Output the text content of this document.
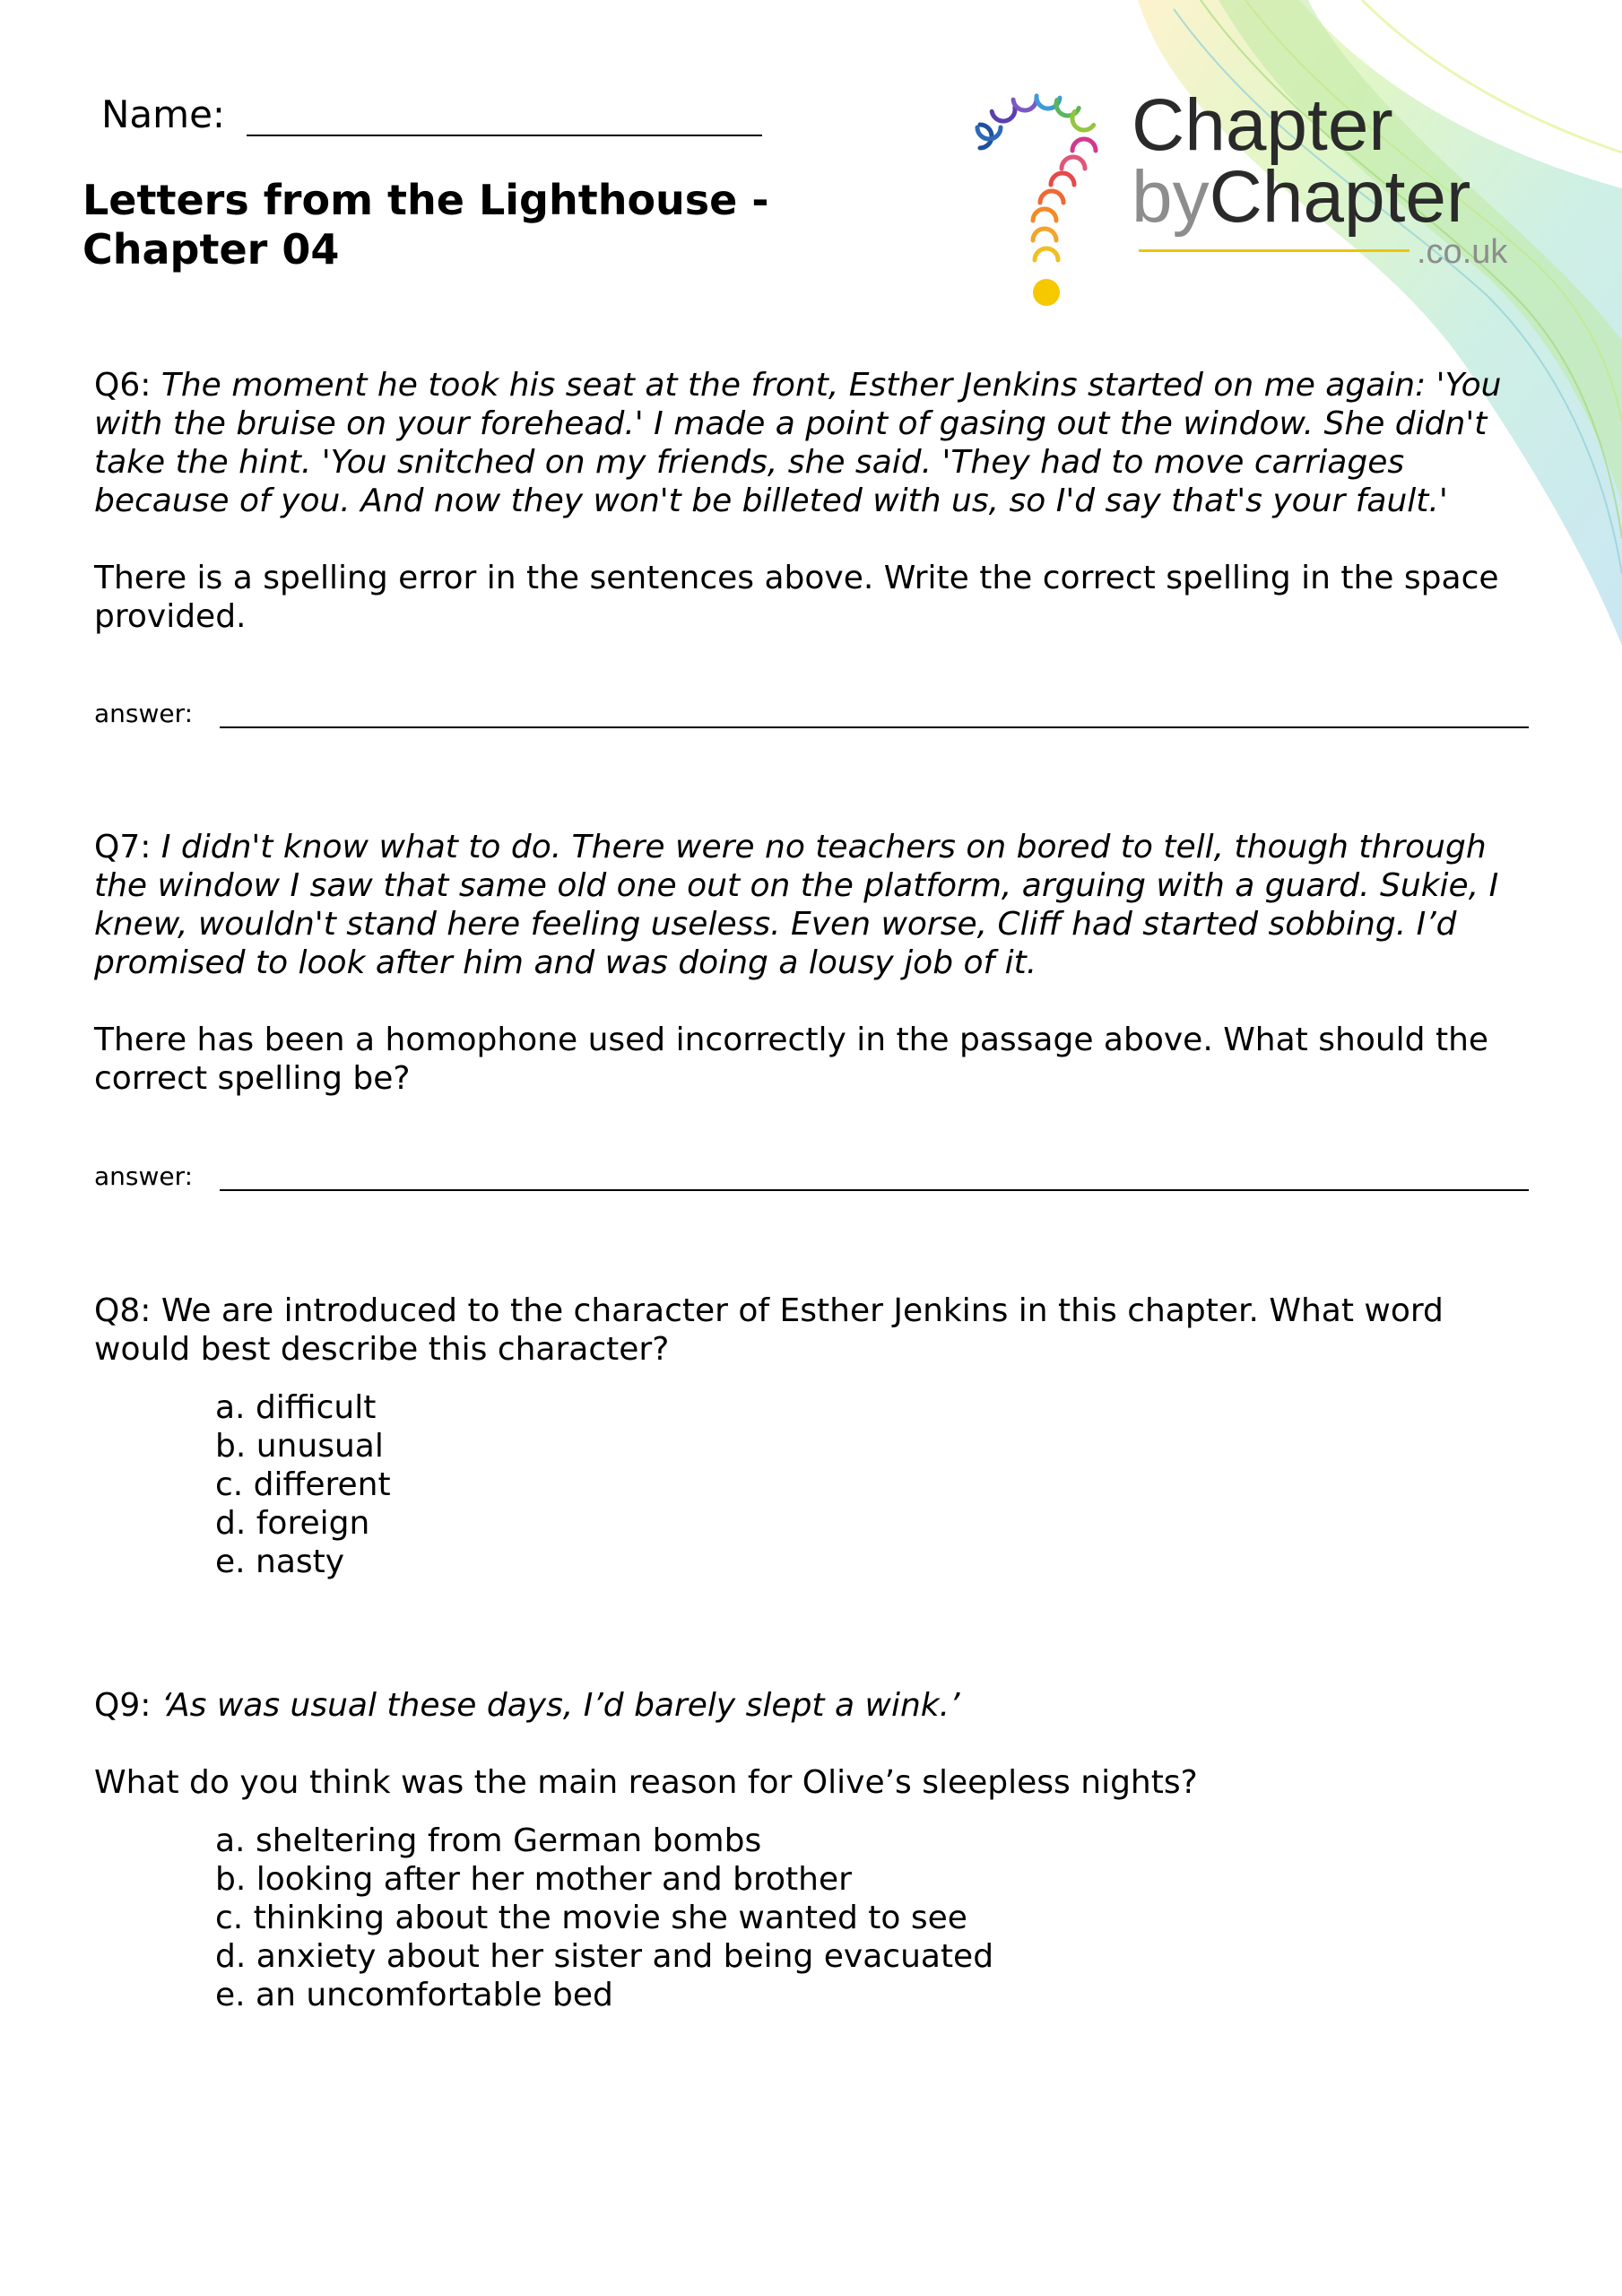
Name:
Letters from the Lighthouse -
Chapter 04
Chapter
byChapter
.co.uk

Q6: The moment he took his seat at the front, Esther Jenkins started on me again: 'You with the bruise on your forehead.' I made a point of gasing out the window. She didn't take the hint. 'You snitched on my friends, she said. 'They had to move carriages because of you. And now they won't be billeted with us, so I'd say that's your fault.'

There is a spelling error in the sentences above. Write the correct spelling in the space provided.

answer:

Q7: I didn't know what to do. There were no teachers on bored to tell, though through the window I saw that same old one out on the platform, arguing with a guard. Sukie, I knew, wouldn't stand here feeling useless. Even worse, Cliff had started sobbing. I’d promised to look after him and was doing a lousy job of it.

There has been a homophone used incorrectly in the passage above. What should the correct spelling be?

answer:

Q8: We are introduced to the character of Esther Jenkins in this chapter. What word would best describe this character?

a. difficult
b. unusual
c. different
d. foreign
e. nasty

Q9: ‘As was usual these days, I’d barely slept a wink.’

What do you think was the main reason for Olive’s sleepless nights?

a. sheltering from German bombs
b. looking after her mother and brother
c. thinking about the movie she wanted to see
d. anxiety about her sister and being evacuated
e. an uncomfortable bed
